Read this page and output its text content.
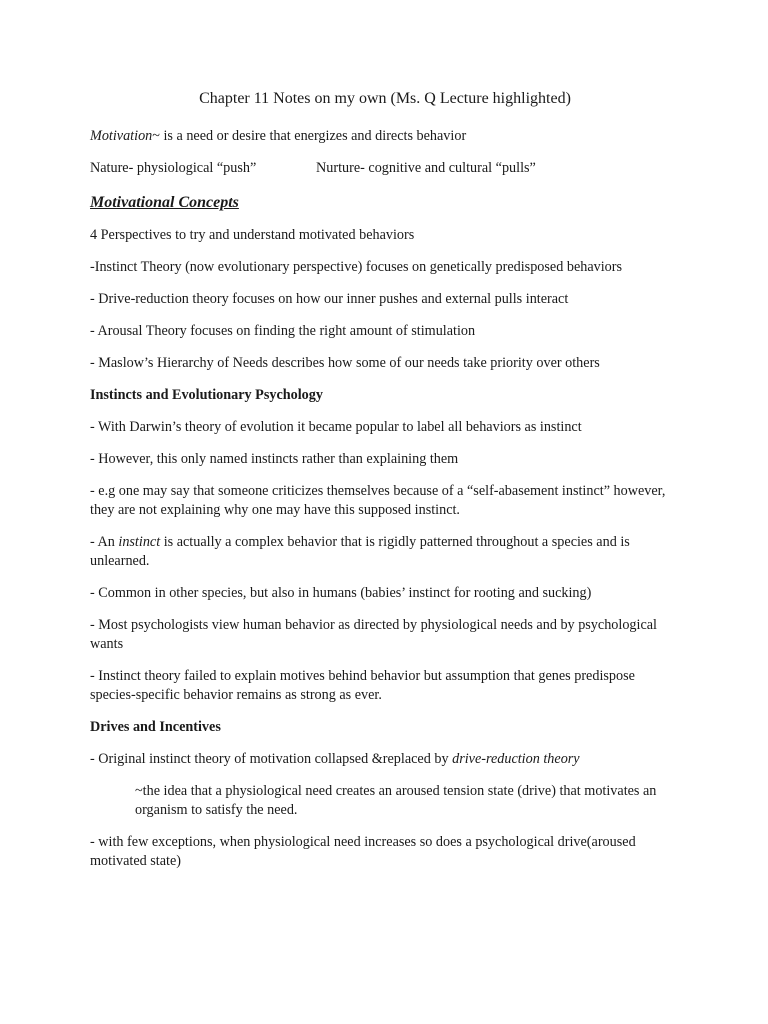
Chapter 11 Notes on my own (Ms. Q Lecture highlighted)
Motivation~ is a need or desire that energizes and directs behavior
Nature- physiological “push”	Nurture- cognitive and cultural “pulls”
Motivational Concepts
4 Perspectives to try and understand motivated behaviors
-Instinct Theory (now evolutionary perspective) focuses on genetically predisposed behaviors
- Drive-reduction theory focuses on how our inner pushes and external pulls interact
- Arousal Theory focuses on finding the right amount of stimulation
- Maslow’s Hierarchy of Needs describes how some of our needs take priority over others
Instincts and Evolutionary Psychology
- With Darwin’s theory of evolution it became popular to label all behaviors as instinct
- However, this only named instincts rather than explaining them
- e.g one may say that someone criticizes themselves because of a “self-abasement instinct” however, they are not explaining why one may have this supposed instinct.
- An instinct is actually a complex behavior that is rigidly patterned throughout a species and is unlearned.
- Common in other species, but also in humans (babies’ instinct for rooting and sucking)
- Most psychologists view human behavior as directed by physiological needs and by psychological wants
- Instinct theory failed to explain motives behind behavior but assumption that genes predispose species-specific behavior remains as strong as ever.
Drives and Incentives
- Original instinct theory of motivation collapsed &replaced by drive-reduction theory
~the idea that a physiological need creates an aroused tension state (drive) that motivates an organism to satisfy the need.
- with few exceptions, when physiological need increases so does a psychological drive(aroused motivated state)
